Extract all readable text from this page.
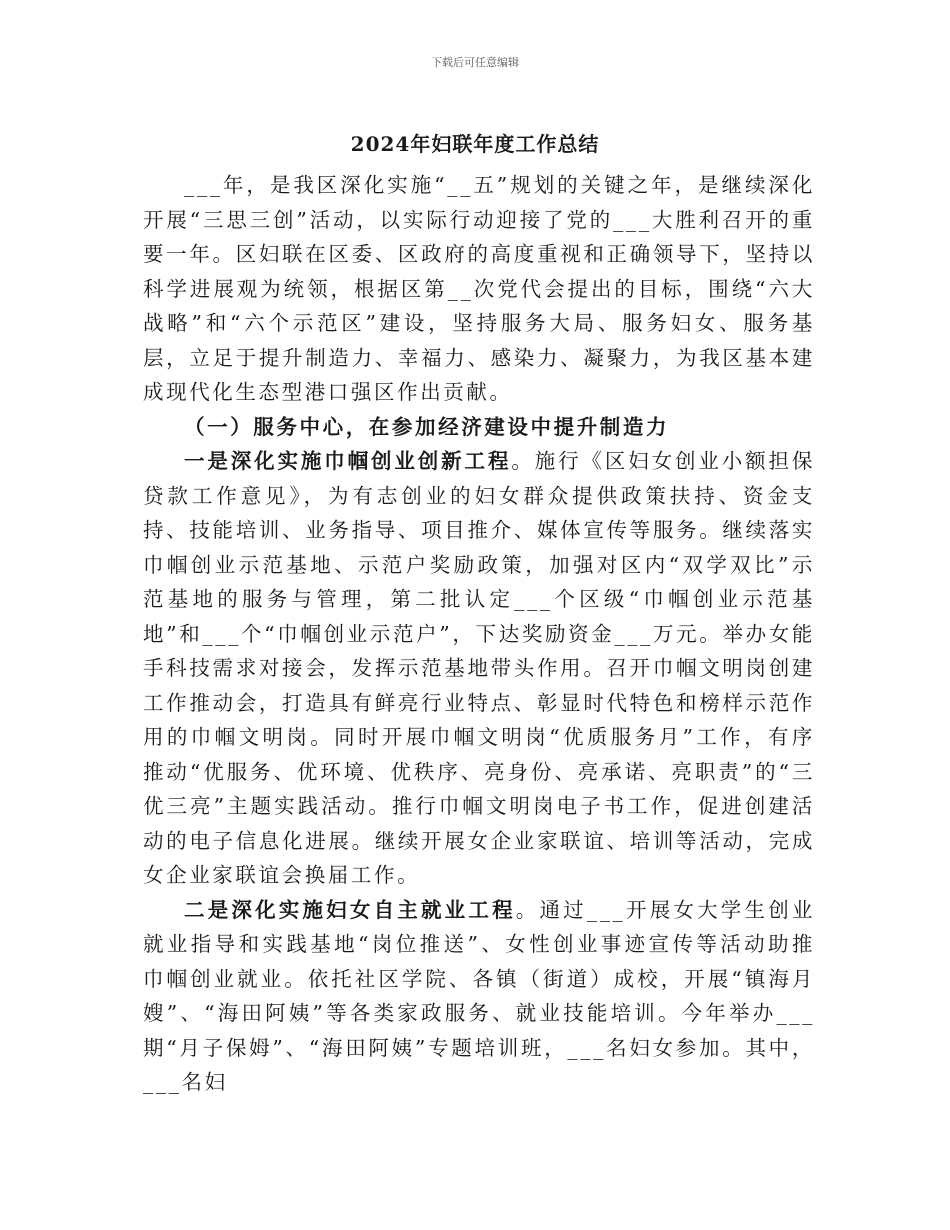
下载后可任意编辑
2024年妇联年度工作总结

___年，是我区深化实施“__五”规划的关键之年，是继续深化开展“三思三创”活动，以实际行动迎接了党的___大胜利召开的重要一年。区妇联在区委、区政府的高度重视和正确领导下，坚持以科学进展观为统领，根据区第__次党代会提出的目标，围绕“六大战略”和“六个示范区”建设，坚持服务大局、服务妇女、服务基层，立足于提升制造力、幸福力、感染力、凝聚力，为我区基本建成现代化生态型港口强区作出贡献。

（一）服务中心，在参加经济建设中提升制造力

一是深化实施巾帼创业创新工程。施行《区妇女创业小额担保贷款工作意见》，为有志创业的妇女群众提供政策扶持、资金支持、技能培训、业务指导、项目推介、媒体宣传等服务。继续落实巾帼创业示范基地、示范户奖励政策，加强对区内“双学双比”示范基地的服务与管理，第二批认定___个区级“巾帼创业示范基地”和___个“巾帼创业示范户”，下达奖励资金___万元。举办女能手科技需求对接会，发挥示范基地带头作用。召开巾帼文明岗创建工作推动会，打造具有鲜亮行业特点、彰显时代特色和榜样示范作用的巾帼文明岗。同时开展巾帼文明岗“优质服务月”工作，有序推动“优服务、优环境、优秩序、亮身份、亮承诺、亮职责”的“三优三亮”主题实践活动。推行巾帼文明岗电子书工作，促进创建活动的电子信息化进展。继续开展女企业家联谊、培训等活动，完成女企业家联谊会换届工作。

二是深化实施妇女自主就业工程。通过___开展女大学生创业就业指导和实践基地“岗位推送”、女性创业事迹宣传等活动助推巾帼创业就业。依托社区学院、各镇（街道）成校，开展“镇海月嫂”、“海田阿姨”等各类家政服务、就业技能培训。今年举办___期“月子保姆”、“海田阿姨”专题培训班，___名妇女参加。其中，___名妇
